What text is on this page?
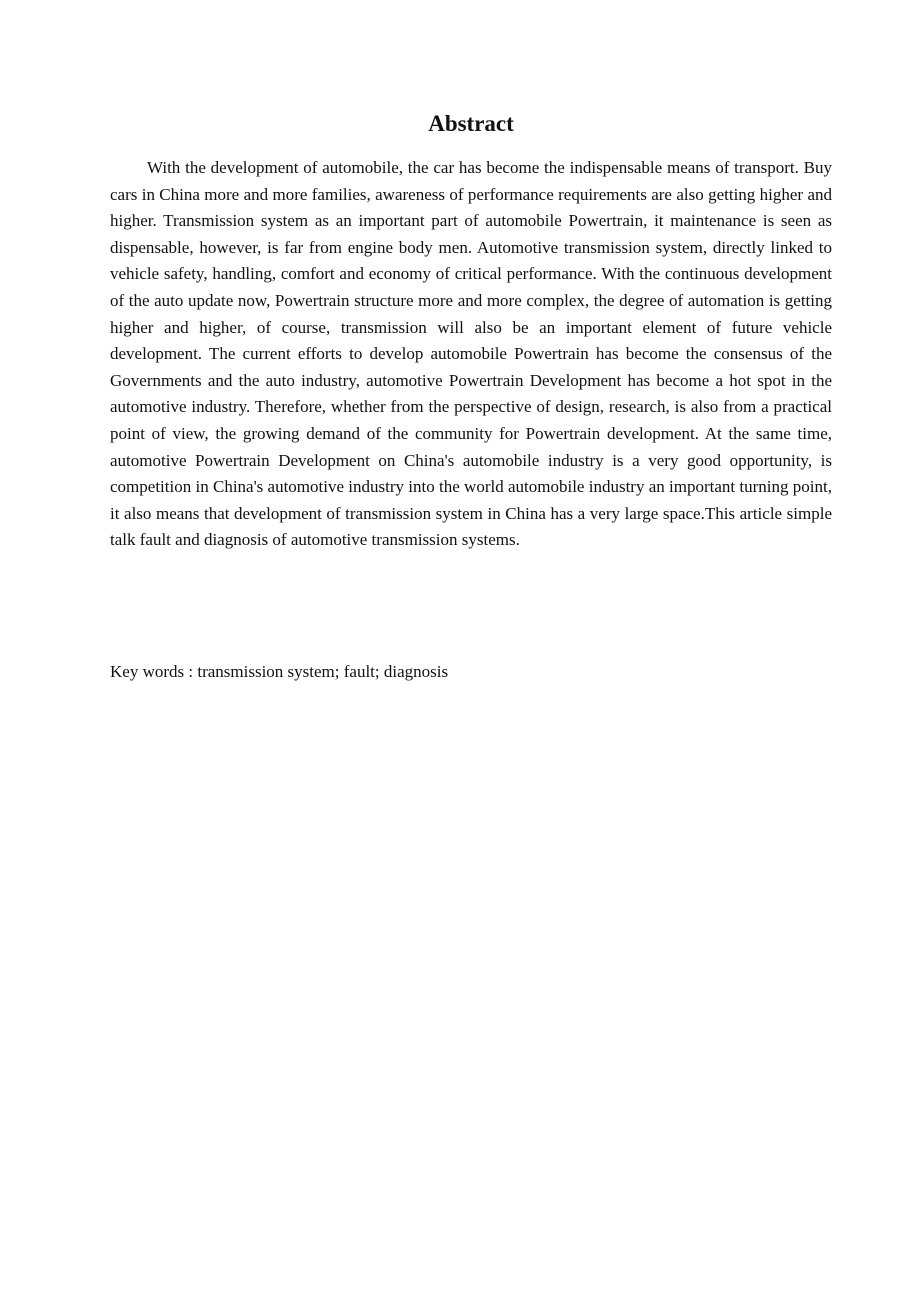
Abstract

With the development of automobile, the car has become the indispensable means of transport. Buy cars in China more and more families, awareness of performance requirements are also getting higher and higher. Transmission system as an important part of automobile Powertrain, it maintenance is seen as dispensable, however, is far from engine body men. Automotive transmission system, directly linked to vehicle safety, handling, comfort and economy of critical performance. With the continuous development of the auto update now, Powertrain structure more and more complex, the degree of automation is getting higher and higher, of course, transmission will also be an important element of future vehicle development. The current efforts to develop automobile Powertrain has become the consensus of the Governments and the auto industry, automotive Powertrain Development has become a hot spot in the automotive industry. Therefore, whether from the perspective of design, research, is also from a practical point of view, the growing demand of the community for Powertrain development. At the same time, automotive Powertrain Development on China's automobile industry is a very good opportunity, is competition in China's automotive industry into the world automobile industry an important turning point, it also means that development of transmission system in China has a very large space.This article simple talk fault and diagnosis of automotive transmission systems.

Key words : transmission system; fault; diagnosis
